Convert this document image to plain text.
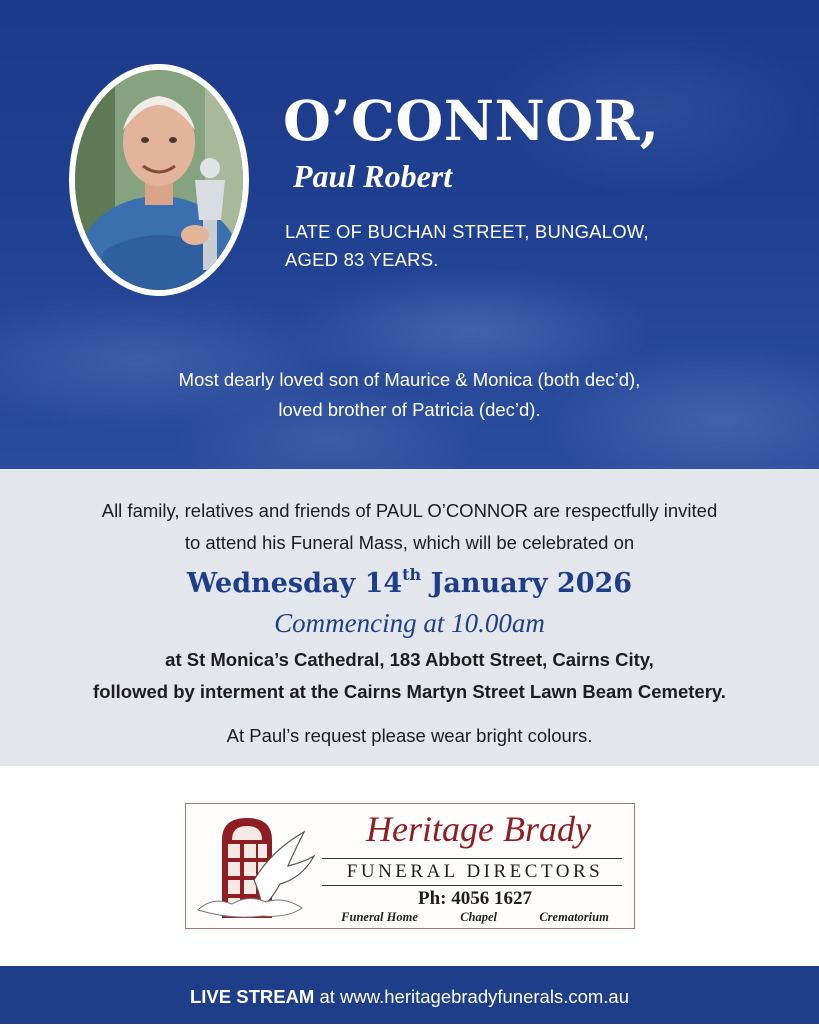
O’CONNOR,
Paul Robert
LATE OF BUCHAN STREET, BUNGALOW,
AGED 83 YEARS.
Most dearly loved son of Maurice & Monica (both dec’d),
loved brother of Patricia (dec’d).
All family, relatives and friends of PAUL O’CONNOR are respectfully invited
to attend his Funeral Mass, which will be celebrated on
Wednesday 14th January 2026
Commencing at 10.00am
at St Monica’s Cathedral, 183 Abbott Street, Cairns City,
followed by interment at the Cairns Martyn Street Lawn Beam Cemetery.
At Paul’s request please wear bright colours.
Heritage Brady
FUNERAL DIRECTORS
Ph: 4056 1627
Funeral Home	Chapel	Crematorium
LIVE STREAM at www.heritagebradyfunerals.com.au
